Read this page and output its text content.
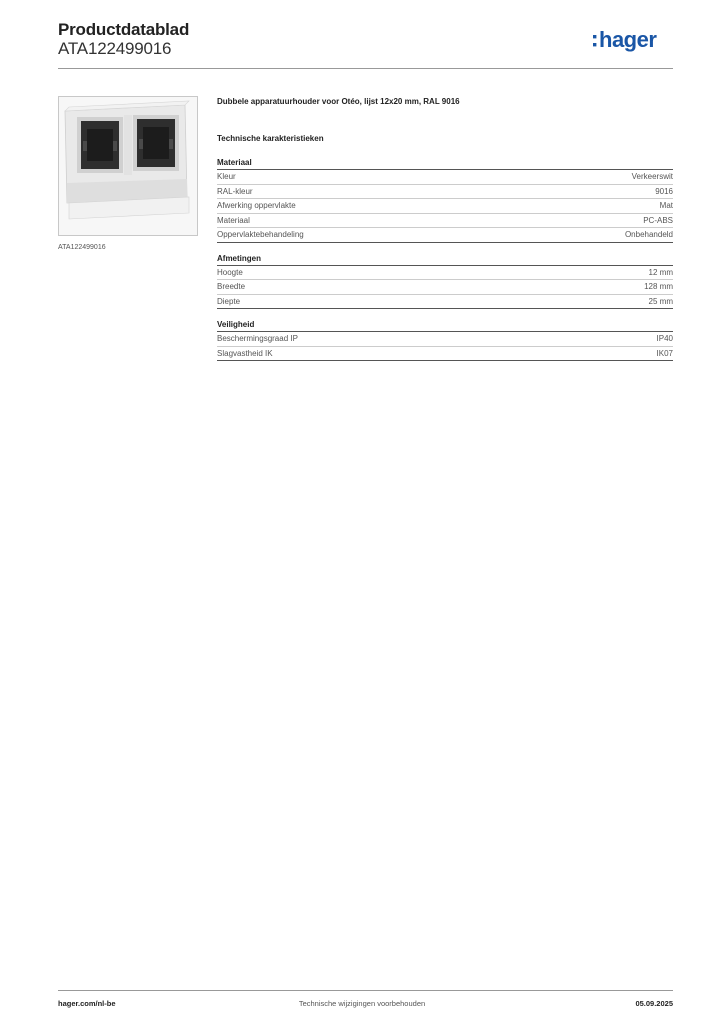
Productdatablad
ATA122499016	hager
ATA122499016
Dubbele apparatuurhouder voor Otéo, lijst 12x20 mm, RAL 9016
Technische karakteristieken
Materiaal
Kleur	Verkeerswit
RAL-kleur	9016
Afwerking oppervlakte	Mat
Materiaal	PC-ABS
Oppervlaktebehandeling	Onbehandeld
Afmetingen
Hoogte	12 mm
Breedte	128 mm
Diepte	25 mm
Veiligheid
Beschermingsgraad IP	IP40
Slagvastheid IK	IK07
Technische wijzigingen voorbehouden
hager.com/nl-be	05.09.2025
